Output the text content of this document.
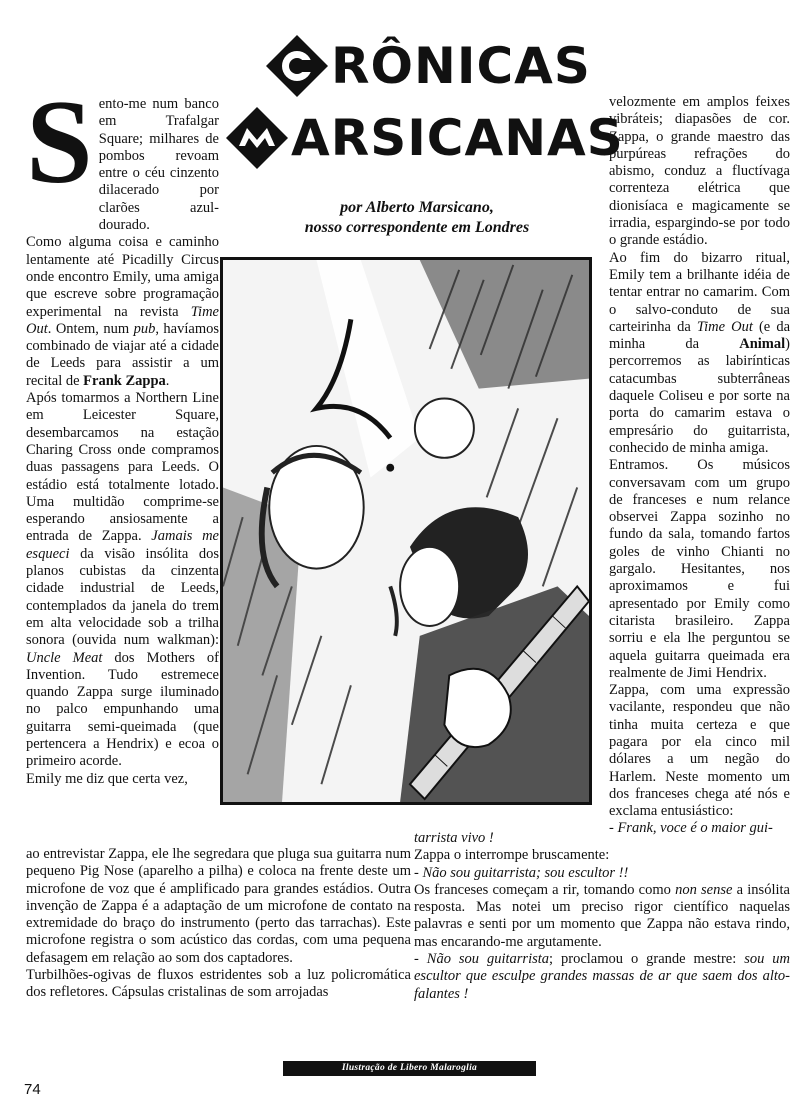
RÔNICAS
ARSICANAS
por Alberto Marsicano,
nosso correspondente em Londres

Sento-me num banco em Trafalgar Square; milhares de pombos revoam entre o céu cinzento dilacerado por clarões azul-dourado.

Como alguma coisa e caminho lentamente até Picadilly Circus onde encontro Emily, uma amiga que escreve sobre programação experimental na revista Time Out. Ontem, num pub, havíamos combinado de viajar até a cidade de Leeds para assistir a um recital de Frank Zappa.

Após tomarmos a Northern Line em Leicester Square, desembarcamos na estação Charing Cross onde compramos duas passagens para Leeds. O estádio está totalmente lotado. Uma multidão comprime-se esperando ansiosamente a entrada de Zappa. Jamais me esqueci da visão insólita dos planos cubistas da cinzenta cidade industrial de Leeds, contemplados da janela do trem em alta velocidade sob a trilha sonora (ouvida num walkman): Uncle Meat dos Mothers of Invention. Tudo estremece quando Zappa surge iluminado no palco empunhando uma guitarra semi-queimada (que pertencera a Hendrix) e ecoa o primeiro acorde.

Emily me diz que certa vez,

ao entrevistar Zappa, ele lhe segredara que pluga sua guitarra num pequeno Pig Nose (aparelho a pilha) e coloca na frente deste um microfone de voz que é amplificado para grandes estádios. Outra invenção de Zappa é a adaptação de um microfone de contato na extremidade do braço do instrumento (perto das tarrachas). Este microfone registra o som acústico das cordas, com uma pequena defasagem em relação ao som dos captadores.

Turbilhões-ogivas de fluxos estridentes sob a luz policromática dos refletores. Cápsulas cristalinas de som arrojadas

velozmente em amplos feixes vibráteis; diapasões de cor. Zappa, o grande maestro das purpúreas refrações do abismo, conduz a fluctívaga correnteza elétrica que dionisíaca e magicamente se irradia, espargindo-se por todo o grande estádio.

Ao fim do bizarro ritual, Emily tem a brilhante idéia de tentar entrar no camarim. Com o salvo-conduto de sua carteirinha da Time Out (e da minha da Animal) percorremos as labirínticas catacumbas subterrâneas daquele Coliseu e por sorte na porta do camarim estava o empresário do guitarrista, conhecido de minha amiga.

Entramos. Os músicos conversavam com um grupo de franceses e num relance observei Zappa sozinho no fundo da sala, tomando fartos goles de vinho Chianti no gargalo. Hesitantes, nos aproximamos e fui apresentado por Emily como citarista brasileiro. Zappa sorriu e ela lhe perguntou se aquela guitarra queimada era realmente de Jimi Hendrix.

Zappa, com uma expressão vacilante, respondeu que não tinha muita certeza e que pagara por ela cinco mil dólares a um negão do Harlem. Neste momento um dos franceses chega até nós e exclama entusiástico:

- Frank, voce é o maior gui-

tarrista vivo !

Zappa o interrompe bruscamente:

- Não sou guitarrista; sou escultor !!

Os franceses começam a rir, tomando como non sense a insólita resposta. Mas notei um preciso rigor científico naquelas palavras e senti por um momento que Zappa não estava rindo, mas encarando-me argutamente.

- Não sou guitarrista; proclamou o grande mestre: sou um escultor que esculpe grandes massas de ar que saem dos alto-falantes !

Ilustração de Libero Malaroglia
74
